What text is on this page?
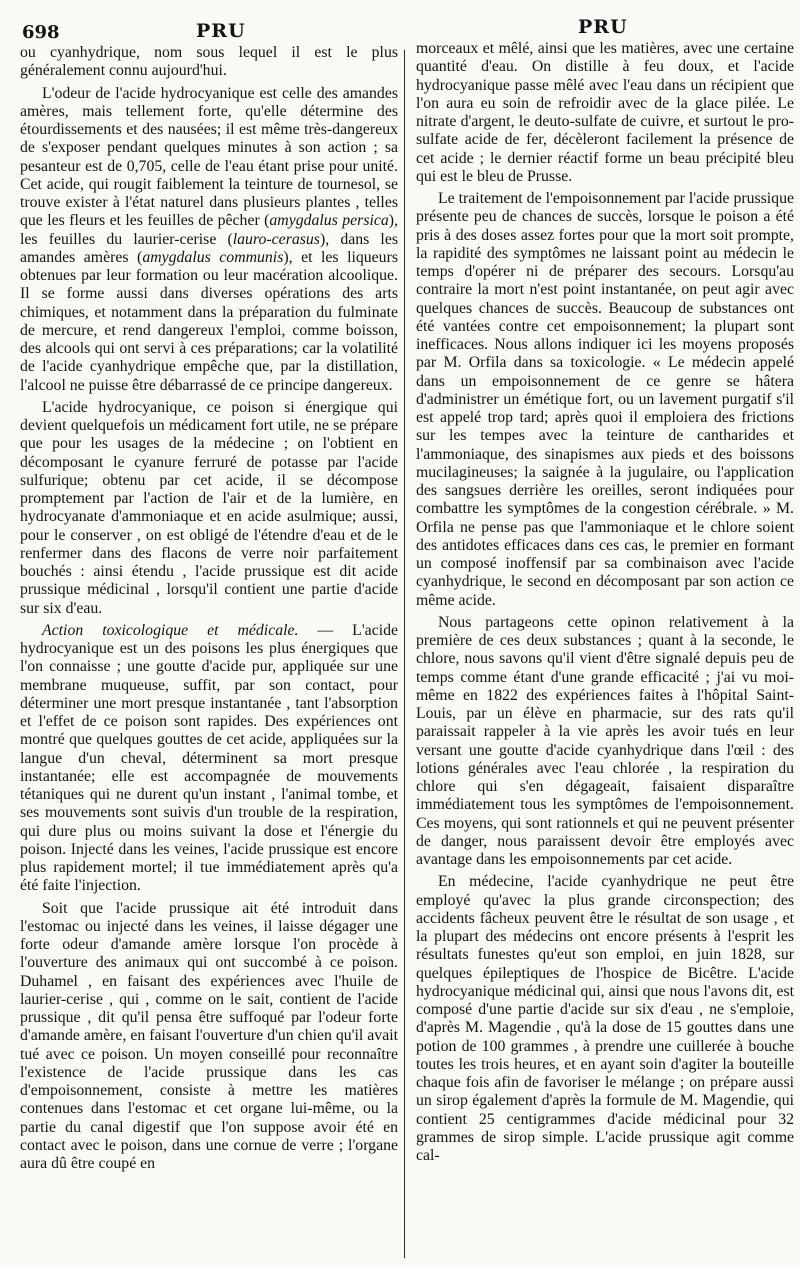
698	PRU	PRU

ou cyanhydrique, nom sous lequel il est le plus généralement connu aujourd'hui.

L'odeur de l'acide hydrocyanique est celle des amandes amères, mais tellement forte, qu'elle détermine des étourdissements et des nausées; il est même très-dangereux de s'exposer pendant quelques minutes à son action ; sa pesanteur est de 0,705, celle de l'eau étant prise pour unité. Cet acide, qui rougit faiblement la teinture de tournesol, se trouve exister à l'état naturel dans plusieurs plantes , telles que les fleurs et les feuilles de pêcher (amygdalus persica), les feuilles du laurier-cerise (lauro-cerasus), dans les amandes amères (amygdalus communis), et les liqueurs obtenues par leur formation ou leur macération alcoolique. Il se forme aussi dans diverses opérations des arts chimiques, et notamment dans la préparation du fulminate de mercure, et rend dangereux l'emploi, comme boisson, des alcools qui ont servi à ces préparations; car la volatilité de l'acide cyanhydrique empêche que, par la distillation, l'alcool ne puisse être débarrassé de ce principe dangereux.

L'acide hydrocyanique, ce poison si énergique qui devient quelquefois un médicament fort utile, ne se prépare que pour les usages de la médecine ; on l'obtient en décomposant le cyanure ferruré de potasse par l'acide sulfurique; obtenu par cet acide, il se décompose promptement par l'action de l'air et de la lumière, en hydrocyanate d'ammoniaque et en acide asulmique; aussi, pour le conserver , on est obligé de l'étendre d'eau et de le renfermer dans des flacons de verre noir parfaitement bouchés : ainsi étendu , l'acide prussique est dit acide prussique médicinal , lorsqu'il contient une partie d'acide sur six d'eau.

Action toxicologique et médicale. — L'acide hydrocyanique est un des poisons les plus énergiques que l'on connaisse ; une goutte d'acide pur, appliquée sur une membrane muqueuse, suffit, par son contact, pour déterminer une mort presque instantanée , tant l'absorption et l'effet de ce poison sont rapides. Des expériences ont montré que quelques gouttes de cet acide, appliquées sur la langue d'un cheval, déterminent sa mort presque instantanée; elle est accompagnée de mouvements tétaniques qui ne durent qu'un instant , l'animal tombe, et ses mouvements sont suivis d'un trouble de la respiration, qui dure plus ou moins suivant la dose et l'énergie du poison. Injecté dans les veines, l'acide prussique est encore plus rapidement mortel; il tue immédiatement après qu'a été faite l'injection.

Soit que l'acide prussique ait été introduit dans l'estomac ou injecté dans les veines, il laisse dégager une forte odeur d'amande amère lorsque l'on procède à l'ouverture des animaux qui ont succombé à ce poison. Duhamel , en faisant des expériences avec l'huile de laurier-cerise , qui , comme on le sait, contient de l'acide prussique , dit qu'il pensa être suffoqué par l'odeur forte d'amande amère, en faisant l'ouverture d'un chien qu'il avait tué avec ce poison. Un moyen conseillé pour reconnaître l'existence de l'acide prussique dans les cas d'empoisonnement, consiste à mettre les matières contenues dans l'estomac et cet organe lui-même, ou la partie du canal digestif que l'on suppose avoir été en contact avec le poison, dans une cornue de verre ; l'organe aura dû être coupé en

morceaux et mêlé, ainsi que les matières, avec une certaine quantité d'eau. On distille à feu doux, et l'acide hydrocyanique passe mêlé avec l'eau dans un récipient que l'on aura eu soin de refroidir avec de la glace pilée. Le nitrate d'argent, le deuto-sulfate de cuivre, et surtout le pro-sulfate acide de fer, décèleront facilement la présence de cet acide ; le dernier réactif forme un beau précipité bleu qui est le bleu de Prusse.

Le traitement de l'empoisonnement par l'acide prussique présente peu de chances de succès, lorsque le poison a été pris à des doses assez fortes pour que la mort soit prompte, la rapidité des symptômes ne laissant point au médecin le temps d'opérer ni de préparer des secours. Lorsqu'au contraire la mort n'est point instantanée, on peut agir avec quelques chances de succès. Beaucoup de substances ont été vantées contre cet empoisonnement; la plupart sont inefficaces. Nous allons indiquer ici les moyens proposés par M. Orfila dans sa toxicologie. « Le médecin appelé dans un empoisonnement de ce genre se hâtera d'administrer un émétique fort, ou un lavement purgatif s'il est appelé trop tard; après quoi il emploiera des frictions sur les tempes avec la teinture de cantharides et l'ammoniaque, des sinapismes aux pieds et des boissons mucilagineuses; la saignée à la jugulaire, ou l'application des sangsues derrière les oreilles, seront indiquées pour combattre les symptômes de la congestion cérébrale. » M. Orfila ne pense pas que l'ammoniaque et le chlore soient des antidotes efficaces dans ces cas, le premier en formant un composé inoffensif par sa combinaison avec l'acide cyanhydrique, le second en décomposant par son action ce même acide.

Nous partageons cette opinon relativement à la première de ces deux substances ; quant à la seconde, le chlore, nous savons qu'il vient d'être signalé depuis peu de temps comme étant d'une grande efficacité ; j'ai vu moi-même en 1822 des expériences faites à l'hôpital Saint-Louis, par un élève en pharmacie, sur des rats qu'il paraissait rappeler à la vie après les avoir tués en leur versant une goutte d'acide cyanhydrique dans l'œil : des lotions générales avec l'eau chlorée , la respiration du chlore qui s'en dégageait, faisaient disparaître immédiatement tous les symptômes de l'empoisonnement. Ces moyens, qui sont rationnels et qui ne peuvent présenter de danger, nous paraissent devoir être employés avec avantage dans les empoisonnements par cet acide.

En médecine, l'acide cyanhydrique ne peut être employé qu'avec la plus grande circonspection; des accidents fâcheux peuvent être le résultat de son usage , et la plupart des médecins ont encore présents à l'esprit les résultats funestes qu'eut son emploi, en juin 1828, sur quelques épileptiques de l'hospice de Bicêtre. L'acide hydrocyanique médicinal qui, ainsi que nous l'avons dit, est composé d'une partie d'acide sur six d'eau , ne s'emploie, d'après M. Magendie , qu'à la dose de 15 gouttes dans une potion de 100 grammes , à prendre une cuillerée à bouche toutes les trois heures, et en ayant soin d'agiter la bouteille chaque fois afin de favoriser le mélange ; on prépare aussi un sirop également d'après la formule de M. Magendie, qui contient 25 centigrammes d'acide médicinal pour 32 grammes de sirop simple. L'acide prussique agit comme cal-
